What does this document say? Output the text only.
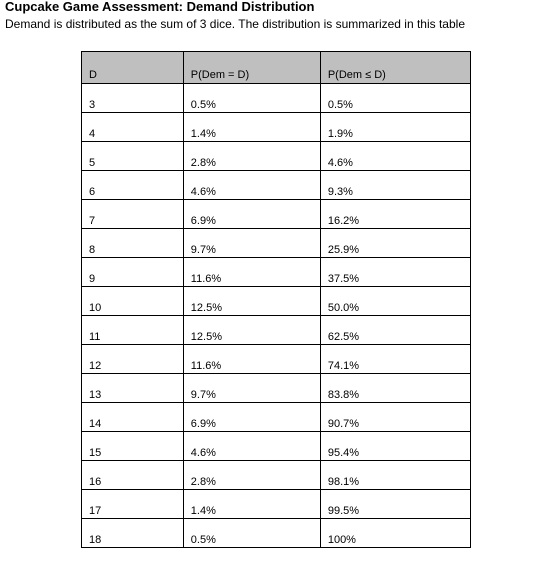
Cupcake Game Assessment: Demand Distribution
Demand is distributed as the sum of 3 dice. The distribution is summarized in this table
D	P(Dem = D)	P(Dem ≤ D)
3	0.5%	0.5%
4	1.4%	1.9%
5	2.8%	4.6%
6	4.6%	9.3%
7	6.9%	16.2%
8	9.7%	25.9%
9	11.6%	37.5%
10	12.5%	50.0%
11	12.5%	62.5%
12	11.6%	74.1%
13	9.7%	83.8%
14	6.9%	90.7%
15	4.6%	95.4%
16	2.8%	98.1%
17	1.4%	99.5%
18	0.5%	100%
